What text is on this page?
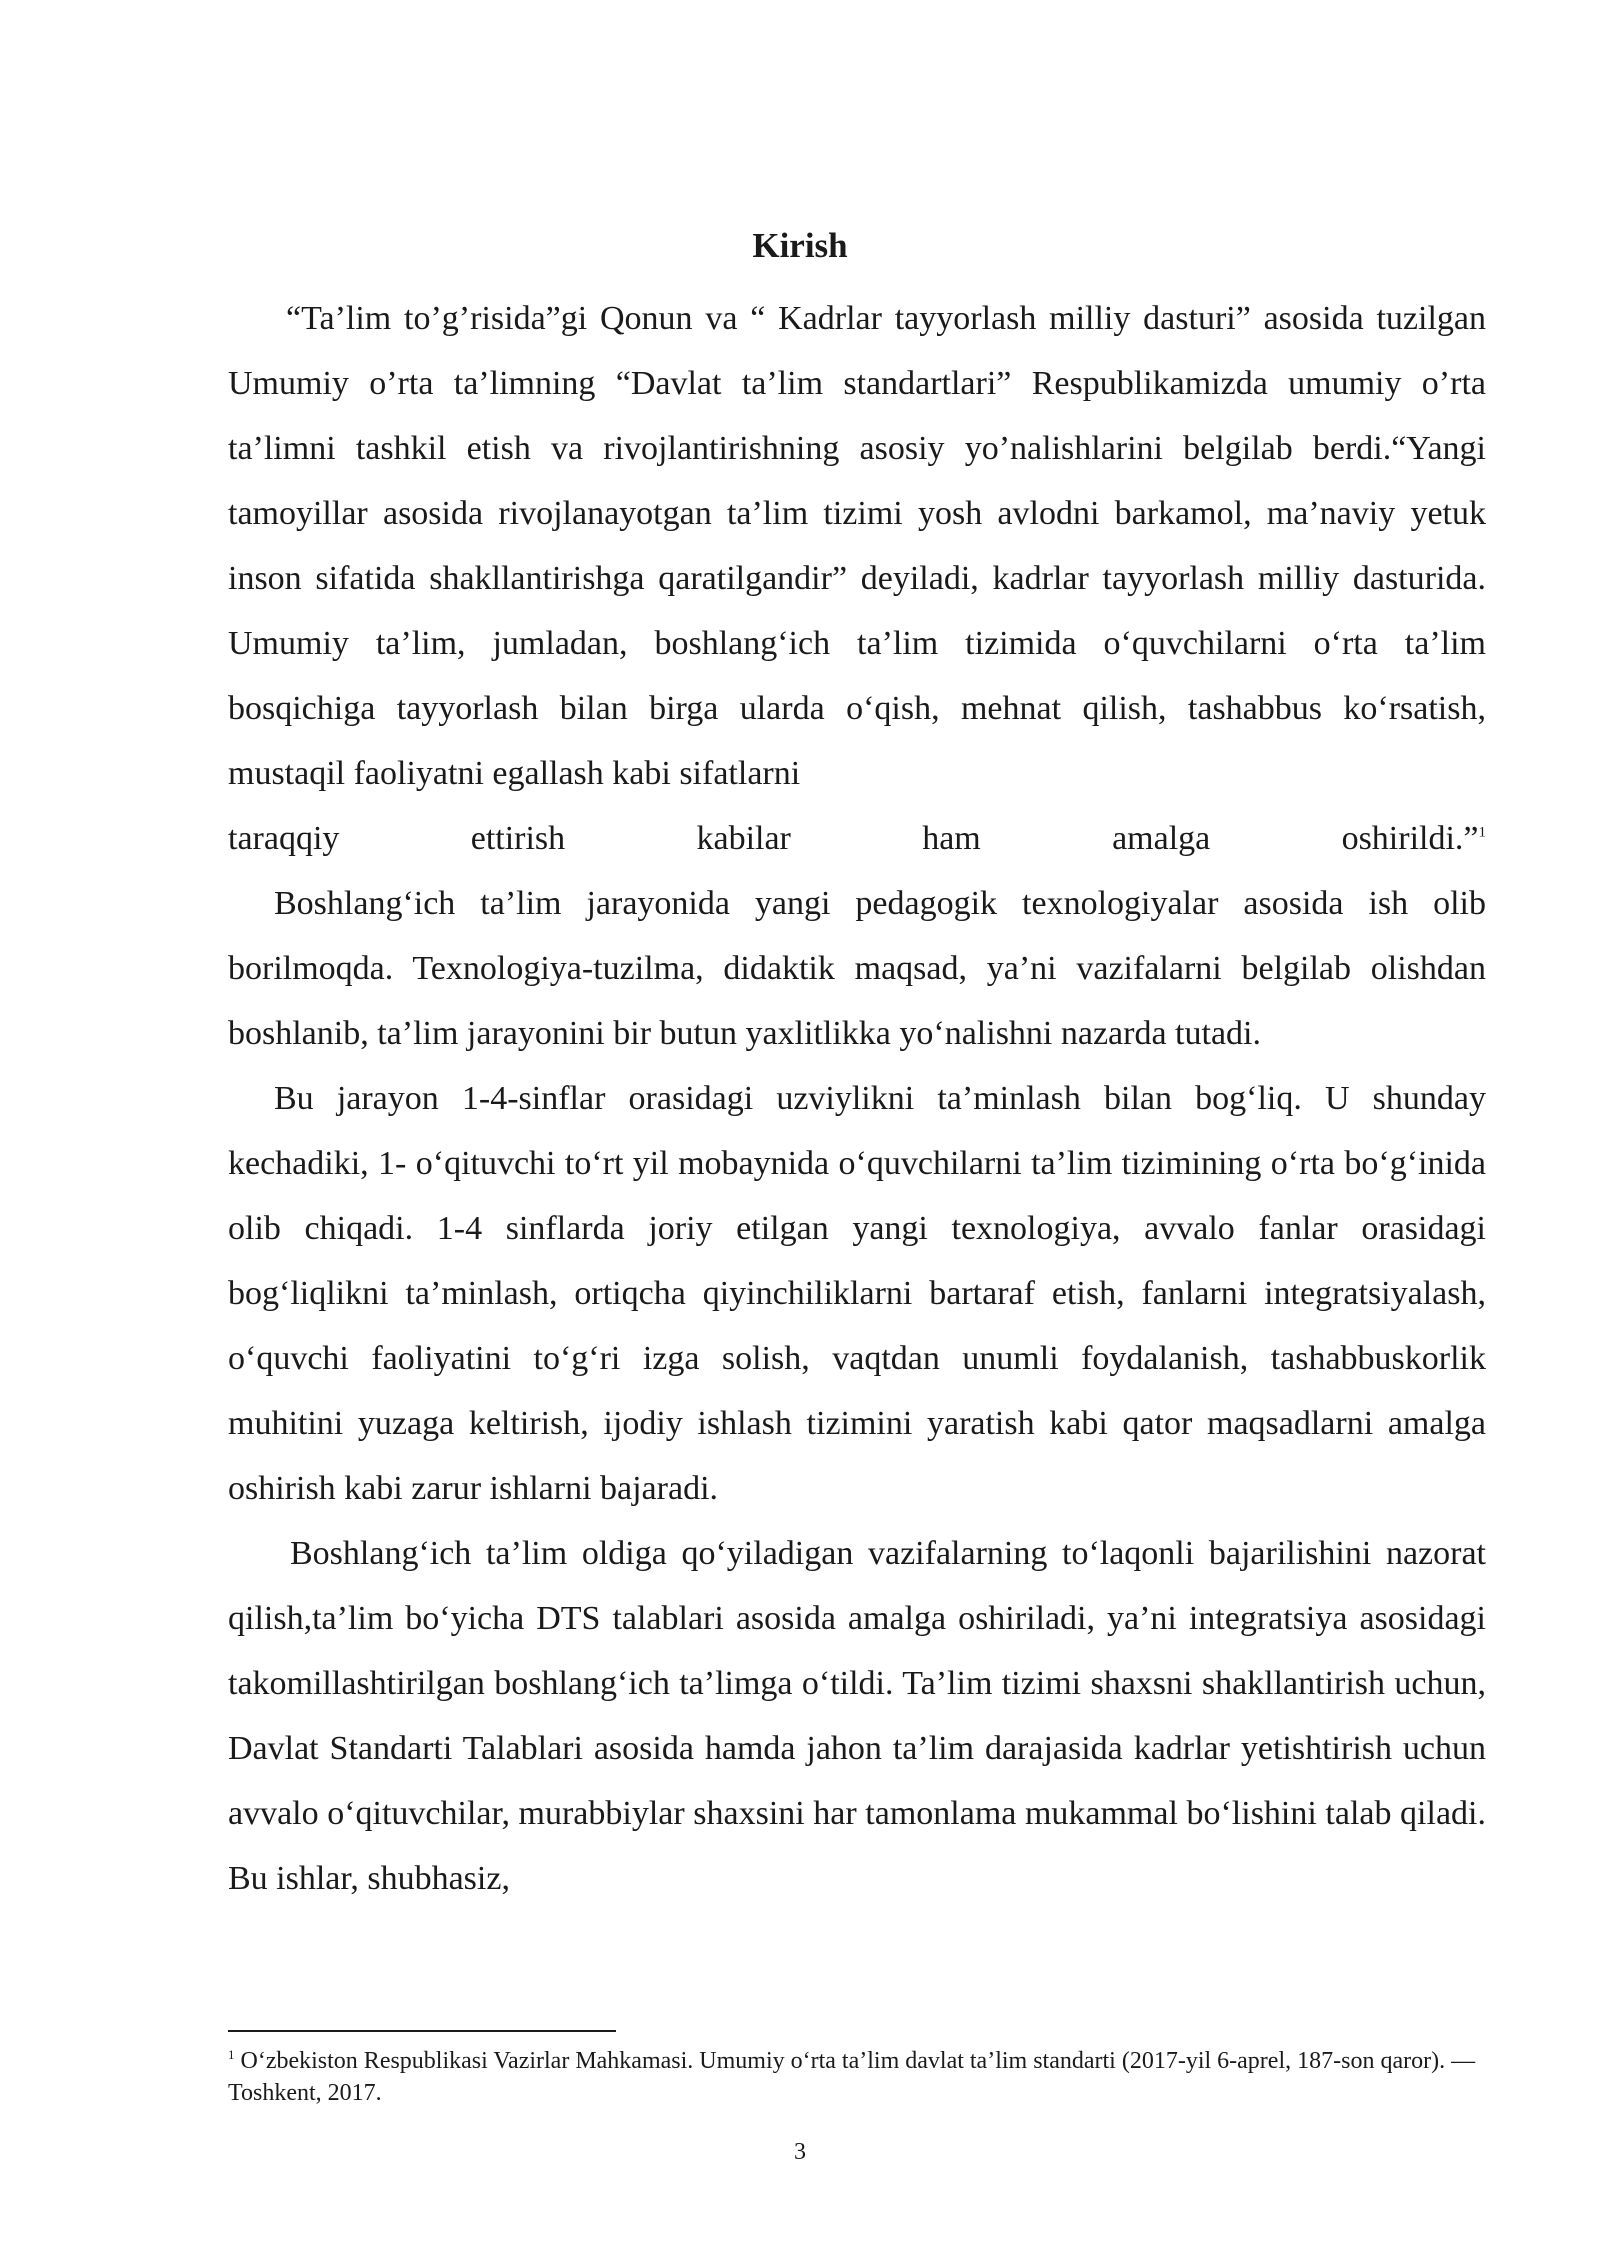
Kirish

“Ta’lim to’g’risida”gi Qonun va “ Kadrlar tayyorlash milliy dasturi” asosida tuzilgan Umumiy o’rta ta’limning “Davlat ta’lim standartlari” Respublikamizda umumiy o’rta ta’limni tashkil etish va rivojlantirishning asosiy yo’nalishlarini belgilab berdi.“Yangi tamoyillar asosida rivojlanayotgan ta’lim tizimi yosh avlodni barkamol, ma’naviy yetuk inson sifatida shakllantirishga qaratilgandir” deyiladi, kadrlar tayyorlash milliy dasturida. Umumiy ta’lim, jumladan, boshlang‘ich ta’lim tizimida o‘quvchilarni o‘rta ta’lim bosqichiga tayyorlash bilan birga ularda o‘qish, mehnat qilish, tashabbus ko‘rsatish, mustaqil faoliyatni egallash kabi sifatlarni

taraqqiy ettirish kabilar ham amalga oshirildi.”$^1$

Boshlang‘ich ta’lim jarayonida yangi pedagogik texnologiyalar asosida ish olib borilmoqda. Texnologiya-tuzilma, didaktik maqsad, ya’ni vazifalarni belgilab olishdan boshlanib, ta’lim jarayonini bir butun yaxlitlikka yo‘nalishni nazarda tutadi.

Bu jarayon 1-4-sinflar orasidagi uzviylikni ta’minlash bilan bog‘liq. U shunday kechadiki, 1- o‘qituvchi to‘rt yil mobaynida o‘quvchilarni ta’lim tizimining o‘rta bo‘g‘inida olib chiqadi. 1-4 sinflarda joriy etilgan yangi texnologiya, avvalo fanlar orasidagi bog‘liqlikni ta’minlash, ortiqcha qiyinchiliklarni bartaraf etish, fanlarni integratsiyalash, o‘quvchi faoliyatini to‘g‘ri izga solish, vaqtdan unumli foydalanish, tashabbuskorlik muhitini yuzaga keltirish, ijodiy ishlash tizimini yaratish kabi qator maqsadlarni amalga oshirish kabi zarur ishlarni bajaradi.

Boshlang‘ich ta’lim oldiga qo‘yiladigan vazifalarning to‘laqonli bajarilishini nazorat qilish,ta’lim bo‘yicha DTS talablari asosida amalga oshiriladi, ya’ni integratsiya asosidagi takomillashtirilgan boshlang‘ich ta’limga o‘tildi. Ta’lim tizimi shaxsni shakllantirish uchun, Davlat Standarti Talablari asosida hamda jahon ta’lim darajasida kadrlar yetishtirish uchun avvalo o‘qituvchilar, murabbiylar shaxsini har tamonlama mukammal bo‘lishini talab qiladi. Bu ishlar, shubhasiz,

$^1$ O‘zbekiston Respublikasi Vazirlar Mahkamasi. Umumiy o‘rta ta’lim davlat ta’lim standarti (2017-yil 6-aprel, 187-son qaror). — Toshkent, 2017.

3
